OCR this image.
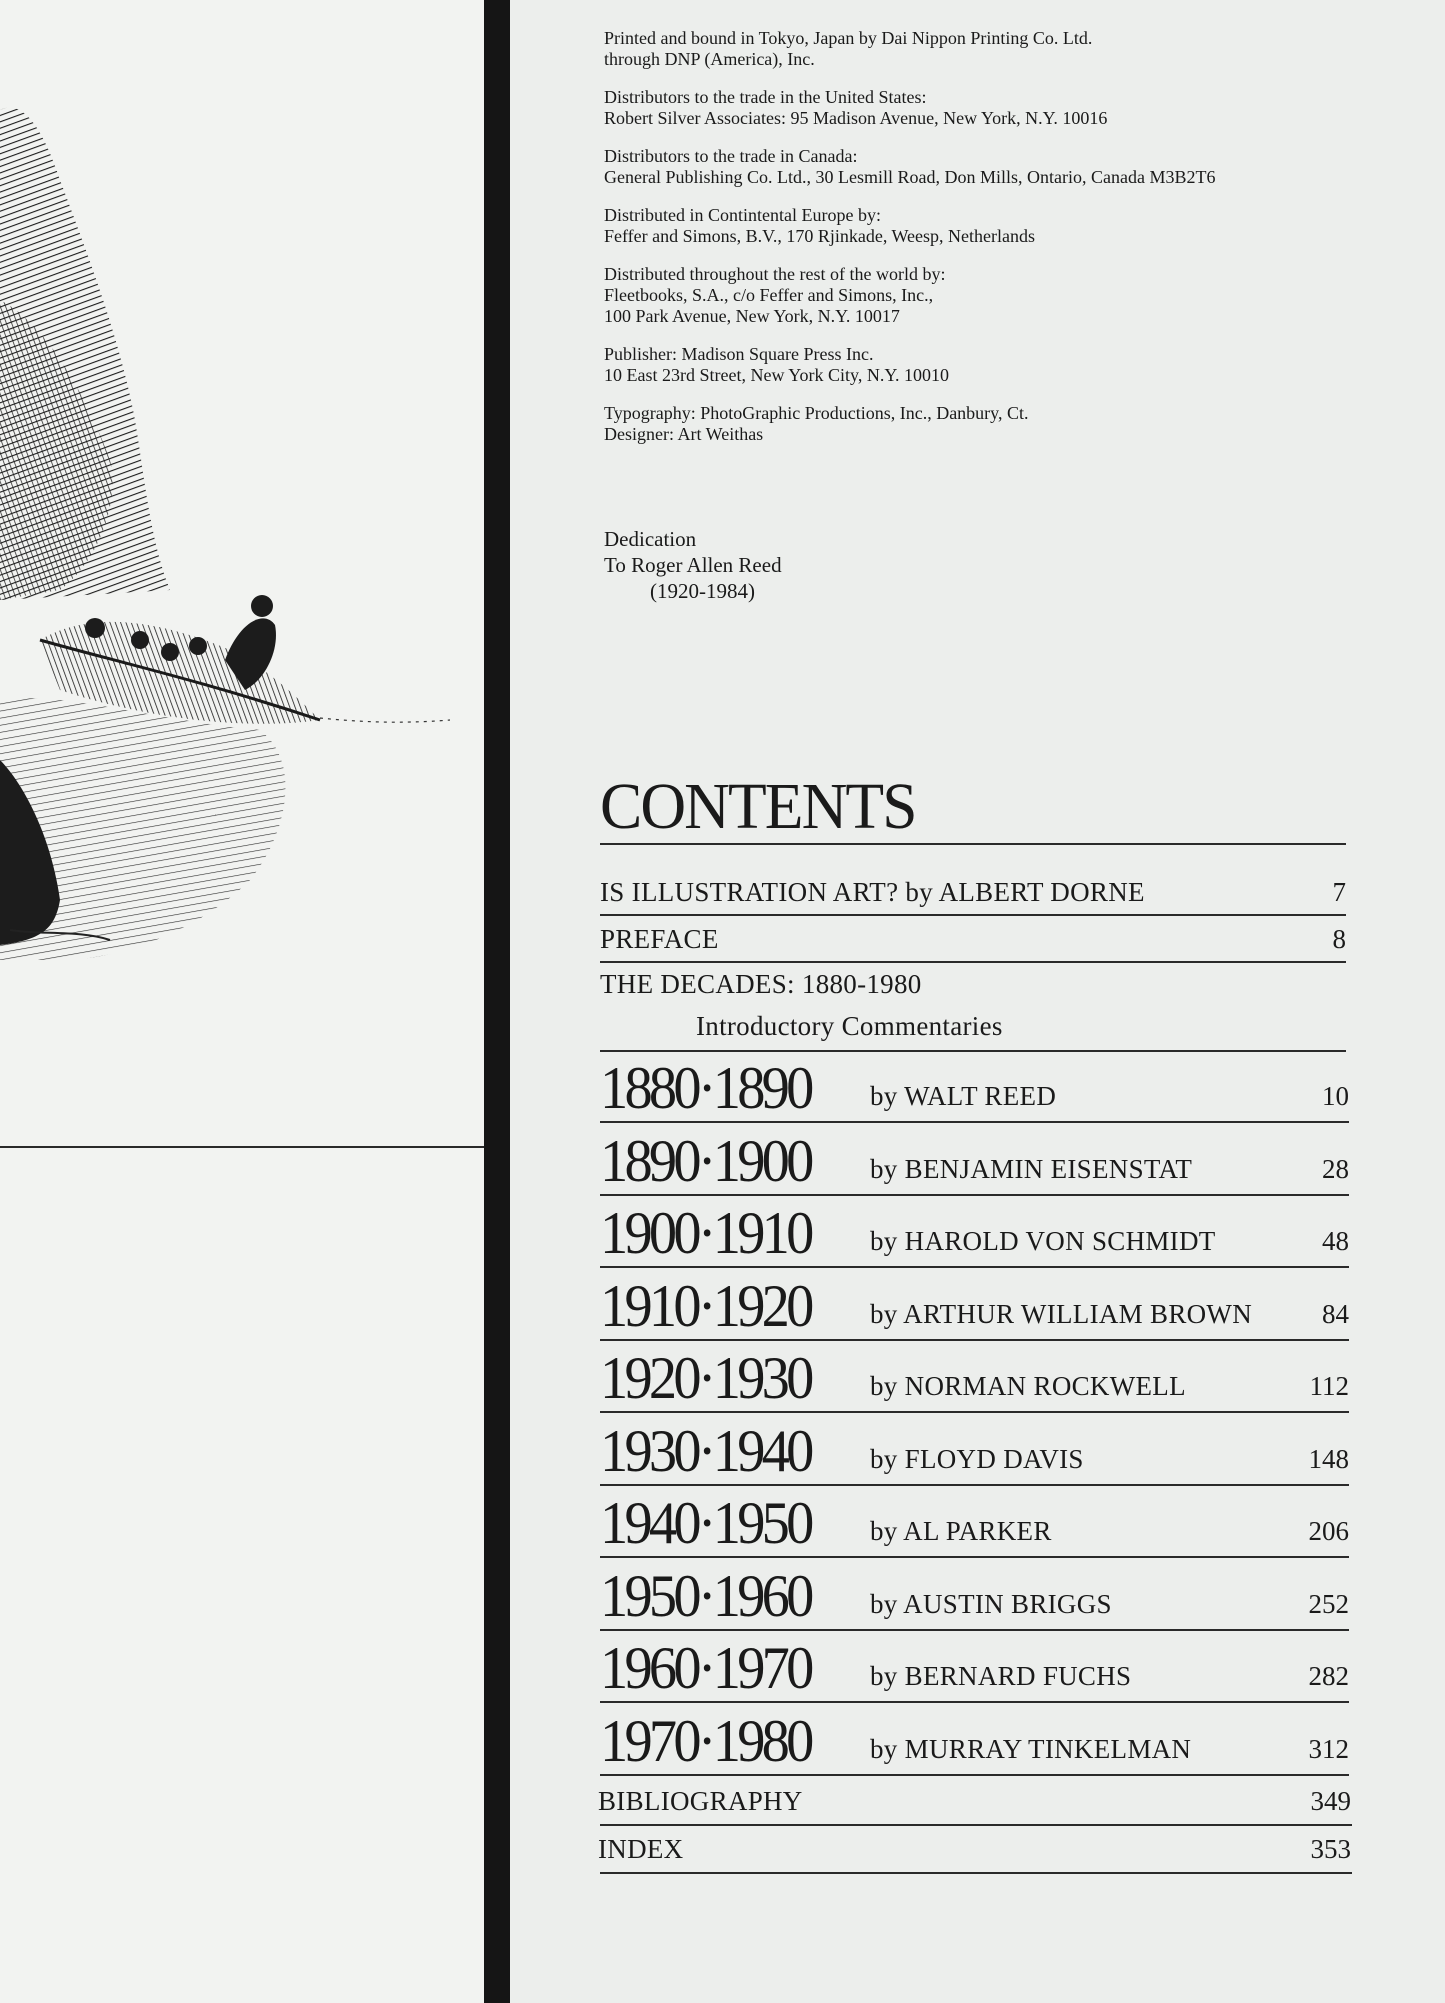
Printed and bound in Tokyo, Japan by Dai Nippon Printing Co. Ltd.
through DNP (America), Inc.

Distributors to the trade in the United States:
Robert Silver Associates: 95 Madison Avenue, New York, N.Y. 10016

Distributors to the trade in Canada:
General Publishing Co. Ltd., 30 Lesmill Road, Don Mills, Ontario, Canada M3B2T6

Distributed in Contintental Europe by:
Feffer and Simons, B.V., 170 Rjinkade, Weesp, Netherlands

Distributed throughout the rest of the world by:
Fleetbooks, S.A., c/o Feffer and Simons, Inc.,
100 Park Avenue, New York, N.Y. 10017

Publisher: Madison Square Press Inc.
10 East 23rd Street, New York City, N.Y. 10010

Typography: PhotoGraphic Productions, Inc., Danbury, Ct.
Designer: Art Weithas

Dedication
To Roger Allen Reed
(1920-1984)
CONTENTS
IS ILLUSTRATION ART? by ALBERT DORNE	7
PREFACE	8
THE DECADES: 1880-1980
Introductory Commentaries
1880·1890 by WALT REED	10
1890·1900 by BENJAMIN EISENSTAT	28
1900·1910 by HAROLD VON SCHMIDT	48
1910·1920 by ARTHUR WILLIAM BROWN	84
1920·1930 by NORMAN ROCKWELL	112
1930·1940 by FLOYD DAVIS	148
1940·1950 by AL PARKER	206
1950·1960 by AUSTIN BRIGGS	252
1960·1970 by BERNARD FUCHS	282
1970·1980 by MURRAY TINKELMAN	312
BIBLIOGRAPHY	349
INDEX	353
